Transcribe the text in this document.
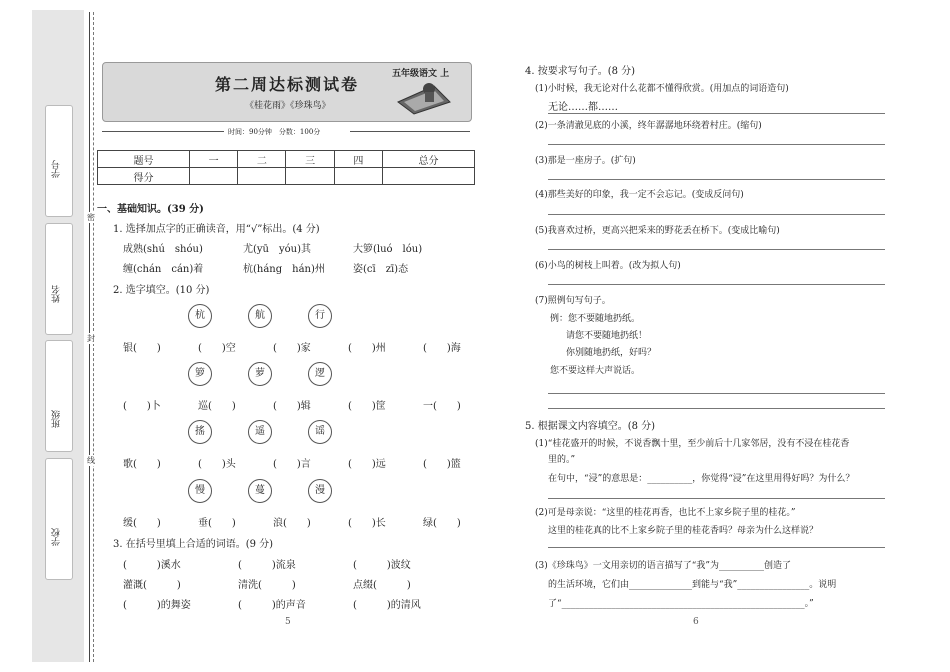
学号
姓名
班级
学校
密
封
线
第二周达标测试卷
《桂花雨》《珍珠鸟》
五年级语文 上
时间：90分钟　分数：100分
题号	一	二	三	四	总分
得分					
一、基础知识。(39 分)
1. 选择加点字的正确读音，用“√”标出。(4 分)
成熟(shú　shóu)	尤(yū　yóu)其	大箩(luó　lóu)
缠(chán　cán)着	杭(háng　hán)州	姿(cī　zī)态
2. 选字填空。(10 分)
杭	航	行
银(　　)	(　　)空	(　　)家	(　　)州	(　　)海
箩	萝	逻
(　　)卜	巡(　　)	(　　)辑	(　　)筐	一(　　)
搖	遥	谣
歌(　　)	(　　)头	(　　)言	(　　)远	(　　)篮
慢	蔓	漫
缓(　　)	垂(　　)	浪(　　)	(　　)长	绿(　　)
3. 在括号里填上合适的词语。(9 分)
(　　　)溪水	(　　　)流泉	(　　　)波纹
灌溉(　　　)	清洗(　　　)	点缀(　　　)
(　　　)的舞姿	(　　　)的声音	(　　　)的清风
5
4. 按要求写句子。(8 分)
(1)小时候，我无论对什么花都不懂得欣赏。(用加点的词语造句)
无论……都……
(2)一条清澈见底的小溪，终年潺潺地环绕着村庄。(缩句)
(3)那是一座房子。(扩句)
(4)那些美好的印象，我一定不会忘记。(变成反问句)
(5)我喜欢过桥，更高兴把采来的野花丢在桥下。(变成比喻句)
(6)小鸟的树枝上叫着。(改为拟人句)
(7)照例句写句子。
例：您不要随地扔纸。
请您不要随地扔纸！
你别随地扔纸，好吗？
您不要这样大声说话。
5. 根据课文内容填空。(8 分)
(1)“桂花盛开的时候，不说香飘十里，至少前后十几家邻居，没有不浸在桂花香
里的。”
在句中，“浸”的意思是：__________，你觉得“浸”在这里用得好吗？为什么？
(2)可是母亲说：“这里的桂花再香，也比不上家乡院子里的桂花。”
这里的桂花真的比不上家乡院子里的桂花香吗？母亲为什么这样说？
(3)《珍珠鸟》一文用亲切的语言描写了“我”为__________创造了
的生活环境，它们由______________到能与“我”________________。说明
了“______________________________________________________。”
6
